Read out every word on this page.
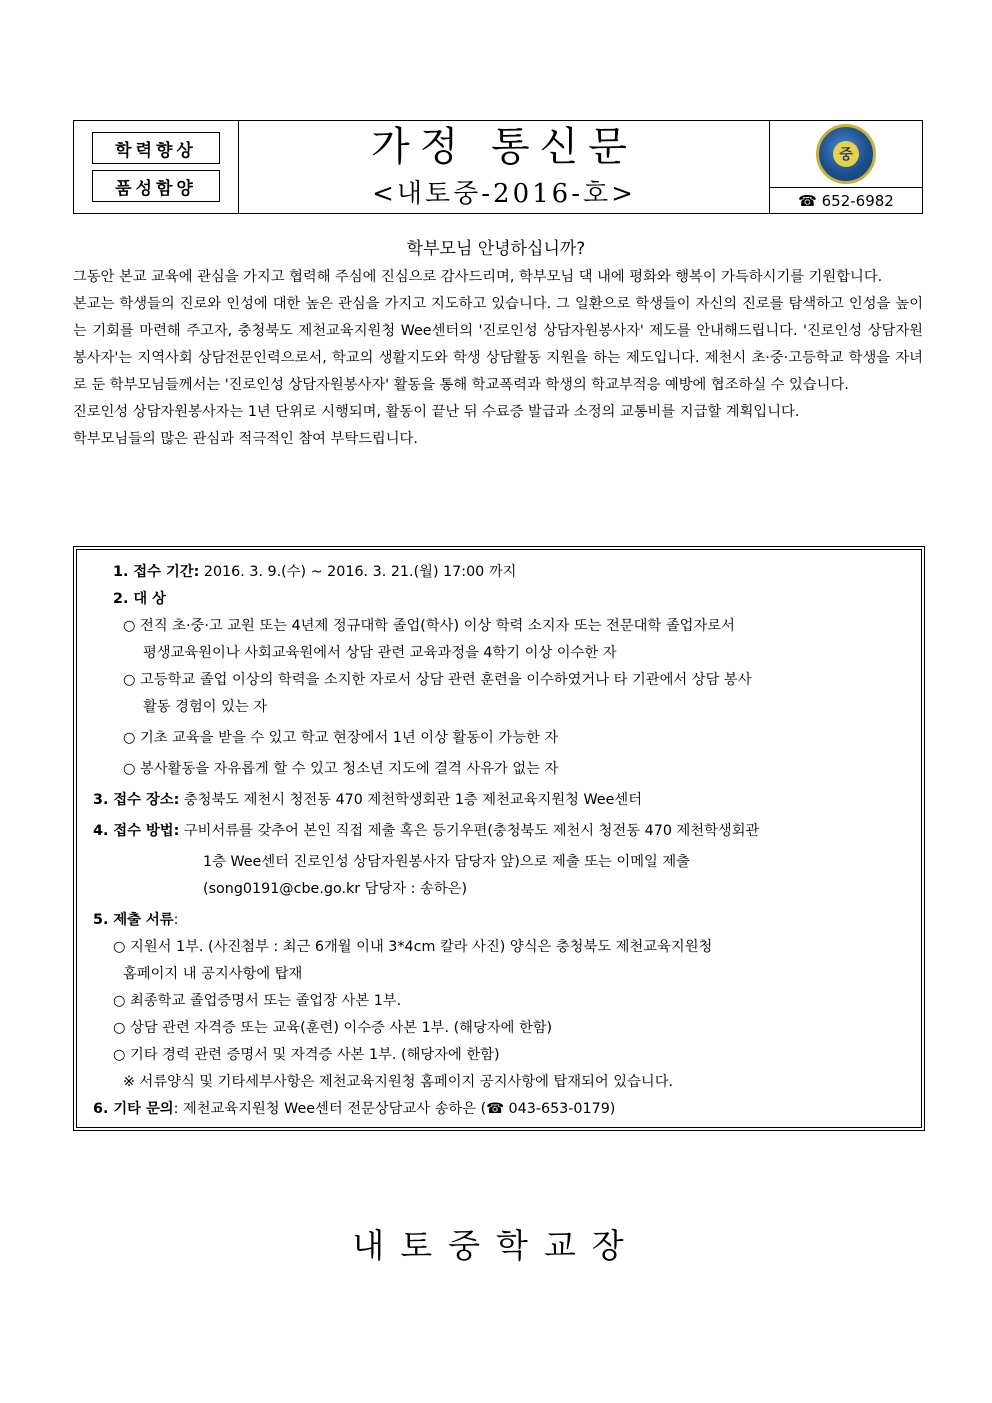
학력향상
품성함양
가정 통신문
<내토중-2016-호>
중
☎ 652-6982
학부모님 안녕하십니까?

그동안 본교 교육에 관심을 가지고 협력해 주심에 진심으로 감사드리며, 학부모님 댁 내에 평화와 행복이 가득하시기를 기원합니다.

본교는 학생들의 진로와 인성에 대한 높은 관심을 가지고 지도하고 있습니다. 그 일환으로 학생들이 자신의 진로를 탐색하고 인성을 높이는 기회를 마련해 주고자, 충청북도 제천교육지원청 Wee센터의 '진로인성 상담자원봉사자' 제도를 안내해드립니다. '진로인성 상담자원봉사자'는 지역사회 상담전문인력으로서, 학교의 생활지도와 학생 상담활동 지원을 하는 제도입니다. 제천시 초·중·고등학교 학생을 자녀로 둔 학부모님들께서는 '진로인성 상담자원봉사자' 활동을 통해 학교폭력과 학생의 학교부적응 예방에 협조하실 수 있습니다.

진로인성 상담자원봉사자는 1년 단위로 시행되며, 활동이 끝난 뒤 수료증 발급과 소정의 교통비를 지급할 계획입니다.

학부모님들의 많은 관심과 적극적인 참여 부탁드립니다.

1. 접수 기간: 2016. 3. 9.(수) ~ 2016. 3. 21.(월) 17:00 까지
2. 대 상
○ 전직 초·중·고 교원 또는 4년제 정규대학 졸업(학사) 이상 학력 소지자 또는 전문대학 졸업자로서
평생교육원이나 사회교육원에서 상담 관련 교육과정을 4학기 이상 이수한 자
○ 고등학교 졸업 이상의 학력을 소지한 자로서 상담 관련 훈련을 이수하였거나 타 기관에서 상담 봉사
활동 경험이 있는 자
○ 기초 교육을 받을 수 있고 학교 현장에서 1년 이상 활동이 가능한 자
○ 봉사활동을 자유롭게 할 수 있고 청소년 지도에 결격 사유가 없는 자
3. 접수 장소: 충청북도 제천시 청전동 470 제천학생회관 1층 제천교육지원청 Wee센터
4. 접수 방법: 구비서류를 갖추어 본인 직접 제출 혹은 등기우편(충청북도 제천시 청전동 470 제천학생회관
1층 Wee센터 진로인성 상담자원봉사자 담당자 앞)으로 제출 또는 이메일 제출
(song0191@cbe.go.kr 담당자 : 송하은)
5. 제출 서류:
○ 지원서 1부. (사진첨부 : 최근 6개월 이내 3*4cm 칼라 사진) 양식은 충청북도 제천교육지원청
홈페이지 내 공지사항에 탑재
○ 최종학교 졸업증명서 또는 졸업장 사본 1부.
○ 상담 관련 자격증 또는 교육(훈련) 이수증 사본 1부. (해당자에 한함)
○ 기타 경력 관련 증명서 및 자격증 사본 1부. (해당자에 한함)
※ 서류양식 및 기타세부사항은 제천교육지원청 홈페이지 공지사항에 탑재되어 있습니다.
6. 기타 문의: 제천교육지원청 Wee센터 전문상담교사 송하은 (☎ 043-653-0179)
내토중학교장
